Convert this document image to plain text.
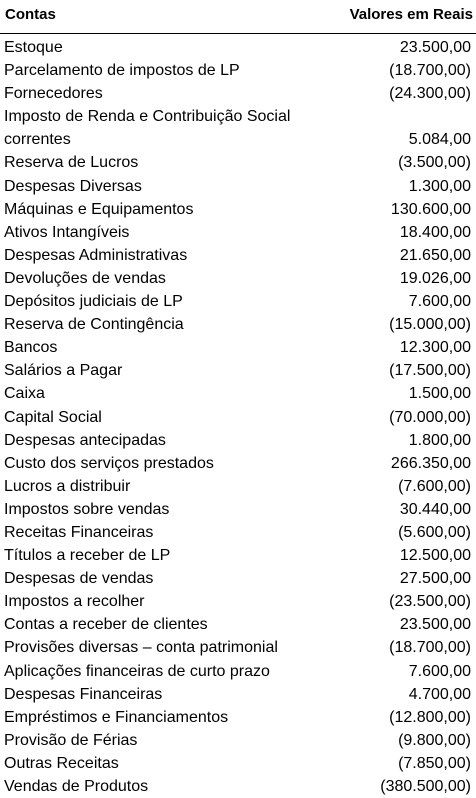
Contas	Valores em Reais
Estoque	23.500,00
Parcelamento de impostos de LP	(18.700,00)
Fornecedores	(24.300,00)
Imposto de Renda e Contribuição Social correntes	5.084,00
Reserva de Lucros	(3.500,00)
Despesas Diversas	1.300,00
Máquinas e Equipamentos	130.600,00
Ativos Intangíveis	18.400,00
Despesas Administrativas	21.650,00
Devoluções de vendas	19.026,00
Depósitos judiciais de LP	7.600,00
Reserva de Contingência	(15.000,00)
Bancos	12.300,00
Salários a Pagar	(17.500,00)
Caixa	1.500,00
Capital Social	(70.000,00)
Despesas antecipadas	1.800,00
Custo dos serviços prestados	266.350,00
Lucros a distribuir	(7.600,00)
Impostos sobre vendas	30.440,00
Receitas Financeiras	(5.600,00)
Títulos a receber de LP	12.500,00
Despesas de vendas	27.500,00
Impostos a recolher	(23.500,00)
Contas a receber de clientes	23.500,00
Provisões diversas – conta patrimonial	(18.700,00)
Aplicações financeiras de curto prazo	7.600,00
Despesas Financeiras	4.700,00
Empréstimos e Financiamentos	(12.800,00)
Provisão de Férias	(9.800,00)
Outras Receitas	(7.850,00)
Vendas de Produtos	(380.500,00)
